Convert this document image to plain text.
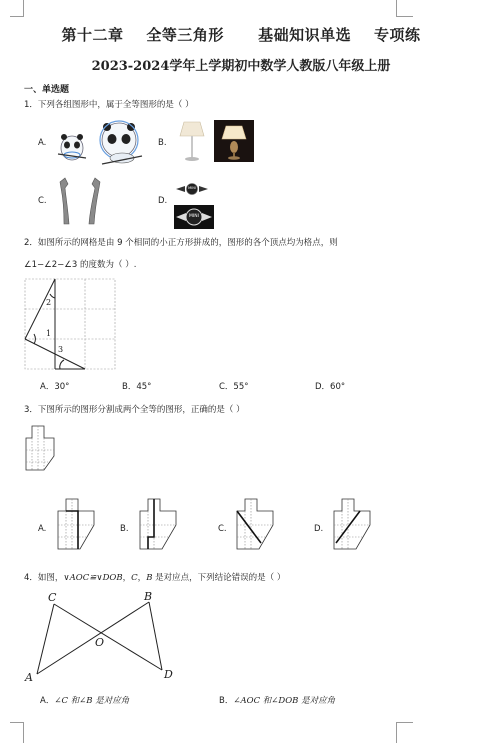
第十二章    全等三角形      基础知识单选    专项练
2023-2024学年上学期初中数学人教版八年级上册
一、单选题
1．下列各组图形中，属于全等图形的是（ ）
A.	B.
C.	D.
MINI
MINI
2．如图所示的网格是由 9 个相同的小正方形拼成的，图形的各个顶点均为格点，则
∠1−∠2−∠3 的度数为（ ）.
1
2
3
A．30°	B．45°	C．55°	D．60°
3．下图所示的图形分割成两个全等的图形，正确的是（ ）
A.	B.	C.	D.
4．如图，∨AOC≌∨DOB，C，B 是对应点，下列结论错误的是（ ）
C	B
O
A	D
A．∠C 和∠B 是对应角	B．∠AOC 和∠DOB 是对应角
